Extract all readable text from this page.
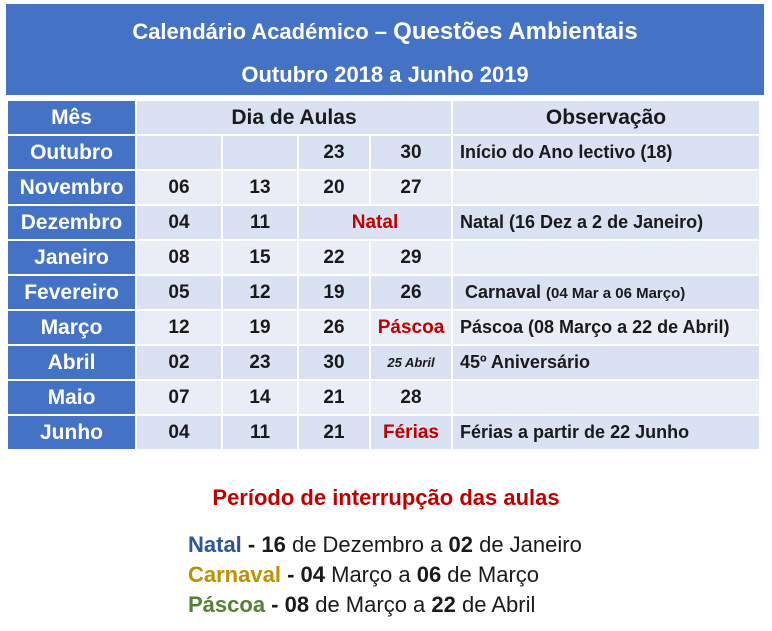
Calendário Académico – Questões Ambientais
Outubro 2018 a Junho 2019
Mês	Dia de Aulas				Observação
Outubro			23	30	Início do Ano lectivo (18)
Novembro	06	13	20	27	
Dezembro	04	11	Natal		Natal (16 Dez a 2 de Janeiro)
Janeiro	08	15	22	29	
Fevereiro	05	12	19	26	Carnaval (04 Mar a 06 Março)
Março	12	19	26	Páscoa	Páscoa (08 Março a 22 de Abril)
Abril	02	23	30	25 Abril	45º Aniversário
Maio	07	14	21	28	
Junho	04	11	21	Férias	Férias a partir de 22 Junho
Período de interrupção das aulas
Natal - 16 de Dezembro a 02 de Janeiro
Carnaval - 04 Março a 06 de Março
Páscoa - 08 de Março a 22 de Abril
